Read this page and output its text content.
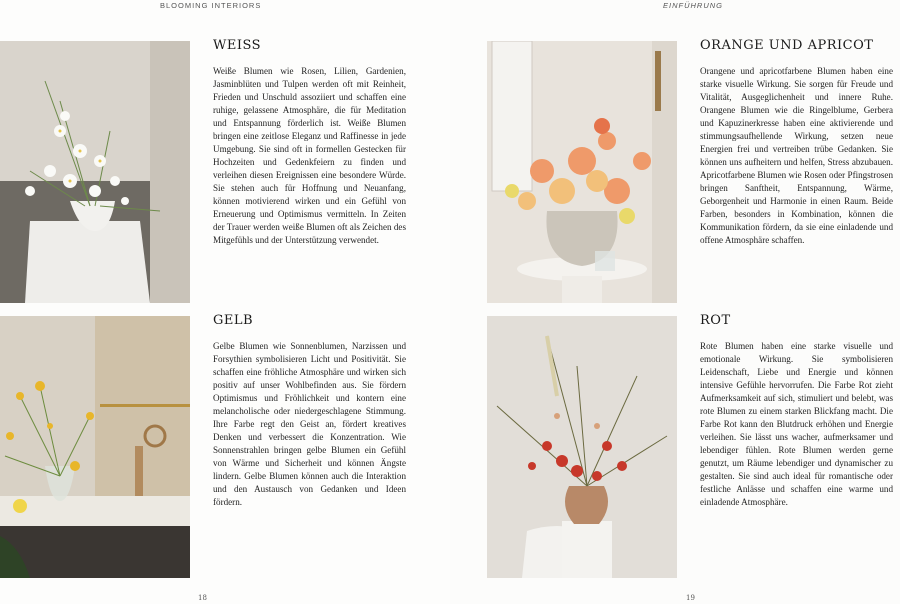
BLOOMING INTERIORS
WEISS
Weiße Blumen wie Rosen, Lilien, Gardenien, Jasminblüten und Tulpen werden oft mit Reinheit, Frieden und Unschuld assoziiert und schaffen eine ruhige, gelassene Atmosphäre, die für Meditation und Entspannung förderlich ist. Weiße Blumen bringen eine zeitlose Eleganz und Raffinesse in jede Umgebung. Sie sind oft in formellen Gestecken für Hochzeiten und Gedenkfeiern zu finden und verleihen diesen Ereignissen eine besondere Würde. Sie stehen auch für Hoffnung und Neuanfang, können motivierend wirken und ein Gefühl von Erneuerung und Optimismus vermitteln. In Zeiten der Trauer werden weiße Blumen oft als Zeichen des Mitgefühls und der Unterstützung verwendet.
GELB
Gelbe Blumen wie Sonnenblumen, Narzissen und Forsythien symbolisieren Licht und Positivität. Sie schaffen eine fröhliche Atmosphäre und wirken sich positiv auf unser Wohlbefinden aus. Sie fördern Optimismus und Fröhlichkeit und kontern eine melancholische oder niedergeschlagene Stimmung. Ihre Farbe regt den Geist an, fördert kreatives Denken und verbessert die Konzentration. Wie Sonnenstrahlen bringen gelbe Blumen ein Gefühl von Wärme und Sicherheit und können Ängste lindern. Gelbe Blumen können auch die Interaktion und den Austausch von Gedanken und Ideen fördern.
18
EINFÜHRUNG
ORANGE UND APRICOT
Orangene und apricotfarbene Blumen haben eine starke visuelle Wirkung. Sie sorgen für Freude und Vitalität, Ausgeglichenheit und innere Ruhe. Orangene Blumen wie die Ringelblume, Gerbera und Kapuzinerkresse haben eine aktivierende und stimmungsaufhellende Wirkung, setzen neue Energien frei und vertreiben trübe Gedanken. Sie können uns aufheitern und helfen, Stress abzubauen. Apricotfarbene Blumen wie Rosen oder Pfingstrosen bringen Sanftheit, Entspannung, Wärme, Geborgenheit und Harmonie in einen Raum. Beide Farben, besonders in Kombination, können die Kommunikation fördern, da sie eine einladende und offene Atmosphäre schaffen.
ROT
Rote Blumen haben eine starke visuelle und emotionale Wirkung. Sie symbolisieren Leidenschaft, Liebe und Energie und können intensive Gefühle hervorrufen. Die Farbe Rot zieht Aufmerksamkeit auf sich, stimuliert und belebt, was rote Blumen zu einem starken Blickfang macht. Die Farbe Rot kann den Blutdruck erhöhen und Energie verleihen. Sie lässt uns wacher, aufmerksamer und lebendiger fühlen. Rote Blumen werden gerne genutzt, um Räume lebendiger und dynamischer zu gestalten. Sie sind auch ideal für romantische oder festliche Anlässe und schaffen eine warme und einladende Atmosphäre.
19
